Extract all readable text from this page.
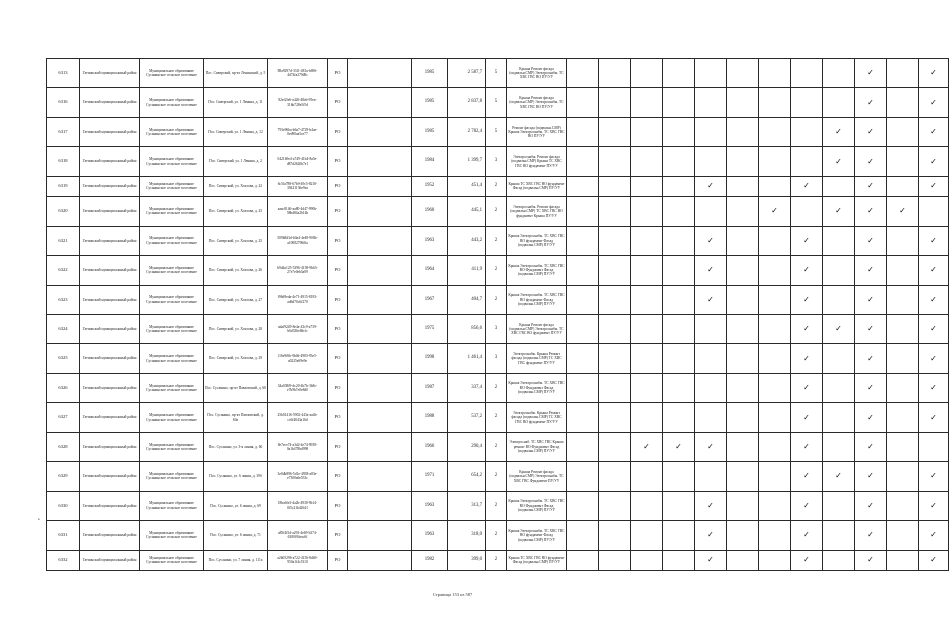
6313	Гатчинский муниципальный район	Муниципальное образование Сусанинское сельское поселение	Пос. Сиверский, пр-кт Ленинский, д. 5	88a9297d-33f1-481a-b696-4d74fa279d8c	PO		1985	2 587,7	5	Крыша Ремонт фасада (подвальн.СМР) Электроснабж. ТС ХВС ГВС ВО ПУ/УУ										✓		✓
6316	Гатчинский муниципальный район	Муниципальное образование Сусанинское сельское поселение	Пос. Сиверский, ул. 1 Ленина, д. 11	82ef2fe6-a426-48eb-95ea-31bb728e5f5d	PO		1985	2 837,8	5	Крыша Ремонт фасада (подвальн.СМР) Электроснабж. ТС ХВС ГВС ВО ПУ/УУ										✓		✓
6317	Гатчинский муниципальный район	Муниципальное образование Сусанинское сельское поселение	Пос. Сиверский, ул. 1 Ленина, д. 12	793e96ba-b6a7-4729-b4ae-0ed90aa5ce77	PO		1985	2 782,4	5	Ремонт фасада (подвальн.СМР) Крыша Электроснабж. ТС ХВС ГВС ВО ПУ/УУ									✓	✓		✓
6318	Гатчинский муниципальный район	Муниципальное образование Сусанинское сельское поселение	Пос. Сиверский, ул. 1 Ленина, д. 2	0421b9e4-a749-41b4-8a5e-d87d2620b7e1	PO		1984	1 399,7	3	Электроснабж. Ремонт фасада (подвальн.СМР) Крыша ТС ХВС ГВС ВО фундамент ПУ/УУ									✓	✓		✓
6319	Гатчинский муниципальный район	Муниципальное образование Сусанинское сельское поселение	Пос. Сиверский, ул. Хохлова, д. 22	6c5fa788-67b9-49c5-8210-39421136e9ea	PO		1952	451,4	2	Крыша ТС ХВС ГВС ВО фундамент Фасад (подвальн.СМР) ПУ/УУ					✓			✓		✓		✓
6320	Гатчинский муниципальный район	Муниципальное образование Сусанинское сельское поселение	Пос. Сиверский, ул. Хохлова, д. 25	aaac8146-aa80-4d47-990b-58bd84a2614b	PO		1960	445,1	2	Электроснабж. Ремонт фасада (подвальн.СМР) ТС ХВС ГВС ВО фундамент Крыша ПУ/УУ							✓		✓	✓	✓	
6321	Гатчинский муниципальный район	Муниципальное образование Сусанинское сельское поселение	Пос. Сиверский, ул. Хохлова, д. 25	509b8d3d-b0a4-4e48-900b-a10082796f6a	PO		1963	443,2	2	Крыша Электроснабж. ТС ХВС ГВС ВО фундамент Фасад (подвальн.СМР) ПУ/УУ					✓			✓		✓		✓
6322	Гатчинский муниципальный район	Муниципальное образование Сусанинское сельское поселение	Пос. Сиверский, ул. Хохлова, д. 26	b9d4a125-5396-4158-9b63-27e7e0eb5a09	PO		1964	411,9	2	Крыша Электроснабж. ТС ХВС ГВС ВО Фундамент Фасад (подвальн.СМР) ПУ/УУ					✓			✓		✓		✓
6323	Гатчинский муниципальный район	Муниципальное образование Сусанинское сельское поселение	Пос. Сиверский, ул. Хохлова, д. 27	f96d9eda-4e71-4915-8183-ad6d70c6f270	PO		1967	404,7	2	Крыша Электроснабж. ТС ХВС ГВС ВО фундамент Фасад (подвальн.СМР) ПУ/УУ					✓			✓		✓		✓
6324	Гатчинский муниципальный район	Муниципальное образование Сусанинское сельское поселение	Пос. Сиверский, ул. Хохлова, д. 28	adaf9249-8e4a-43c9-a739-b6d336e8dcfc	PO		1975	856,6	3	Крыша Ремонт фасада (подвальн.СМР) Электроснабж. ТС ХВС ГВС ВО фундамент ПУ/УУ								✓	✓	✓		✓
6325	Гатчинский муниципальный район	Муниципальное образование Сусанинское сельское поселение	Пос. Сиверский, ул. Хохлова, д. 29	f16e9f6b-9b0d-4983-93e5-a0225e69e9e	PO		1998	1 461,4	3	Электроснабж. Крыша Ремонт фасада (подвальн.СМР) ТС ХВС ГВС фундамент ПУ/УУ								✓		✓		✓
6326	Гатчинский муниципальный район	Муниципальное образование Сусанинское сельское поселение	Пос. Сусанино, пр-кт Павловский, д. 60	34a038f9-dc20-4b7b-3b8c-e7b9b7e0e8d0	PO		1987	337,4	2	Крыша Электроснабж. ТС ХВС ГВС ВО Фундамент Фасад (подвальн.СМР) ПУ/УУ								✓		✓		✓
6327	Гатчинский муниципальный район	Муниципальное образование Сусанинское сельское поселение	Пос. Сусанино, пр-кт Павловский, д. 60а	25b01416-5902-443a-aa4b-cc6f4043a16d	PO		1988	537,2	2	Электроснабж. Крыша Ремонт фасада (подвальн.СМР) ТС ХВС ГВС ВО фундамент ПУ/УУ								✓		✓		✓
6328	Гатчинский муниципальный район	Муниципальное образование Сусанинское сельское поселение	Пос. Сусанино, ул. 3-я линия, д. 60	8e7ece74-a3d2-4e74-9939-0a1b478bd998	PO		1966	290,4	2	Электроснаб. ТС ХВС ГВС Крыша ремонт ВО Фундамент Фасад (подвальн.СМР) ПУ/УУ			✓	✓	✓			✓		✓		
6329	Гатчинский муниципальный район	Муниципальное образование Сусанинское сельское поселение	Пос. Сусанино, ул. 6 линия, д. 39б	3e0db896-5d1e-4938-a83e-e7300a6e533c	PO		1971	654,2	2	Крыша Ремонт фасада (подвальн.СМР) Электроснабж. ТС ХВС ГВС Фундамент ПУ/УУ								✓	✓	✓		✓
6330	Гатчинский муниципальный район	Муниципальное образование Сусанинское сельское поселение	Пос. Сусанино, ул. 6 линия, д. 69	18ba6fe3-4a2b-4930-9b14-0f5c21b42641	PO		1963	313,7	2	Крыша Электроснабж. ТС ХВС ГВС ВО Фундамент Фасад (подвальн.СМР) ПУ/УУ					✓			✓		✓		✓
6331	Гатчинский муниципальный район	Муниципальное образование Сусанинское сельское поселение	Пос. Сусанино, ул. 6 линия, д. 71	a85f4f5d-a293-4e69-b374-6380f94eac6f	PO		1963	318,0	2	Крыша Электроснабж. ТС ХВС ГВС ВО фундамент Фасад (подвальн.СМР) ПУ/УУ					✓			✓		✓		✓
6332	Гатчинский муниципальный район	Муниципальное образование Сусанинское сельское поселение	Пос. Сусанино, ул. 7 линия, д. 111а	a2b05296-a722-4156-8db9-950a1f4c5310	PO		1982	399,0	2	Крыша ТС ХВС ГВС ВО фундамент Фасад (подвальн.СМР) ПУ/УУ					✓			✓		✓		✓
•
Страница 153 из 587
